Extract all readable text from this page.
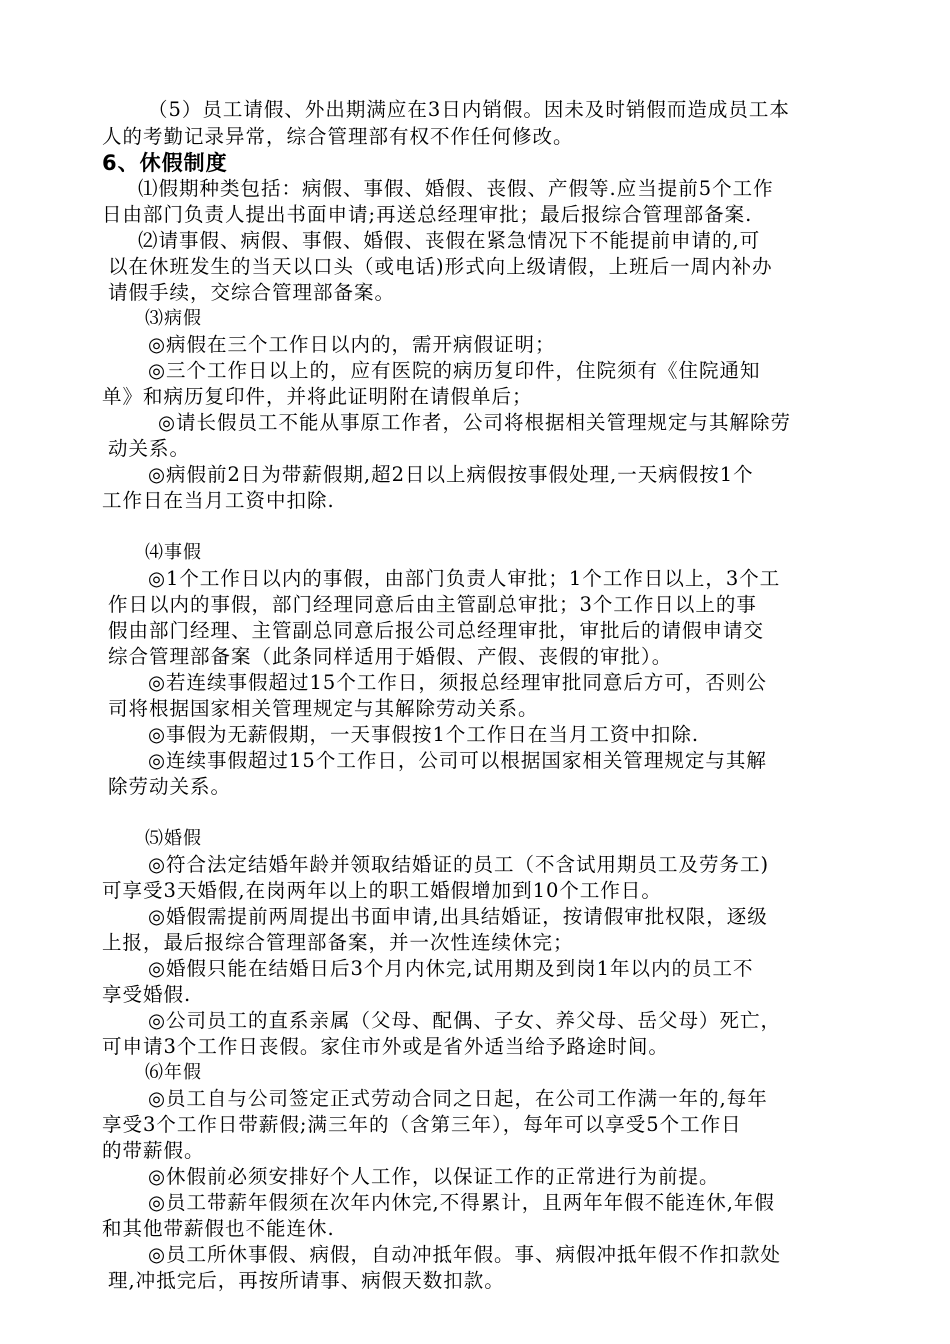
（5）员工请假、外出期满应在3日内销假。因未及时销假而造成员工本
人的考勤记录异常，综合管理部有权不作任何修改。
6、休假制度
⑴假期种类包括：病假、事假、婚假、丧假、产假等.应当提前5个工作
日由部门负责人提出书面申请;再送总经理审批；最后报综合管理部备案.
⑵请事假、病假、事假、婚假、丧假在紧急情况下不能提前申请的,可
以在休班发生的当天以口头（或电话)形式向上级请假，上班后一周内补办
请假手续，交综合管理部备案。
⑶病假
◎病假在三个工作日以内的，需开病假证明；
◎三个工作日以上的，应有医院的病历复印件，住院须有《住院通知
单》和病历复印件，并将此证明附在请假单后；
◎请长假员工不能从事原工作者，公司将根据相关管理规定与其解除劳
动关系。
◎病假前2日为带薪假期,超2日以上病假按事假处理,一天病假按1个
工作日在当月工资中扣除.
⑷事假
◎1个工作日以内的事假，由部门负责人审批；1个工作日以上，3个工
作日以内的事假，部门经理同意后由主管副总审批；3个工作日以上的事
假由部门经理、主管副总同意后报公司总经理审批，审批后的请假申请交
综合管理部备案（此条同样适用于婚假、产假、丧假的审批）。
◎若连续事假超过15个工作日，须报总经理审批同意后方可，否则公
司将根据国家相关管理规定与其解除劳动关系。
◎事假为无薪假期，一天事假按1个工作日在当月工资中扣除.
◎连续事假超过15个工作日，公司可以根据国家相关管理规定与其解
除劳动关系。
⑸婚假
◎符合法定结婚年龄并领取结婚证的员工（不含试用期员工及劳务工)
可享受3天婚假,在岗两年以上的职工婚假增加到10个工作日。
◎婚假需提前两周提出书面申请,出具结婚证，按请假审批权限，逐级
上报，最后报综合管理部备案，并一次性连续休完；
◎婚假只能在结婚日后3个月内休完,试用期及到岗1年以内的员工不
享受婚假.
◎公司员工的直系亲属（父母、配偶、子女、养父母、岳父母）死亡，
可申请3个工作日丧假。家住市外或是省外适当给予路途时间。
⑹年假
◎员工自与公司签定正式劳动合同之日起，在公司工作满一年的,每年
享受3个工作日带薪假;满三年的（含第三年），每年可以享受5个工作日
的带薪假。
◎休假前必须安排好个人工作，以保证工作的正常进行为前提。
◎员工带薪年假须在次年内休完,不得累计，且两年年假不能连休,年假
和其他带薪假也不能连休.
◎员工所休事假、病假，自动冲抵年假。事、病假冲抵年假不作扣款处
理,冲抵完后，再按所请事、病假天数扣款。
